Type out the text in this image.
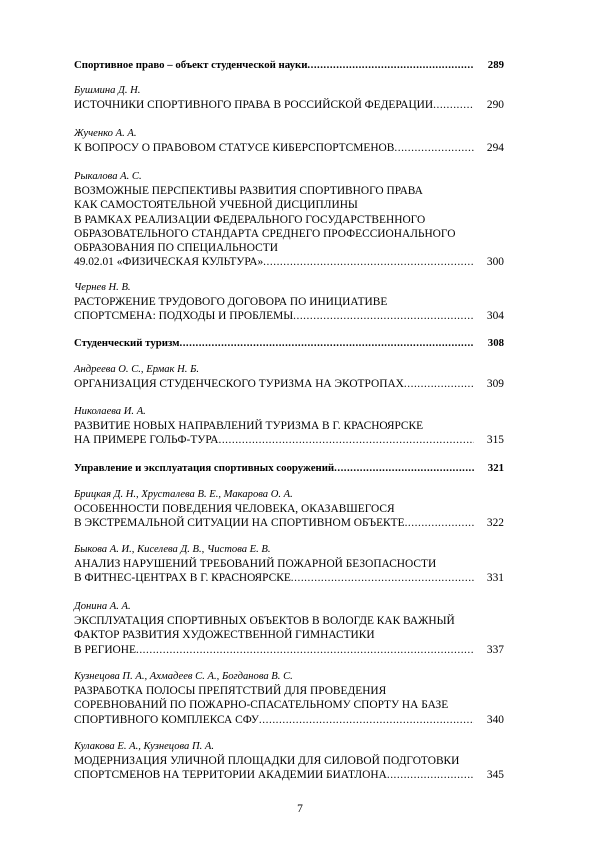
Спортивное право – объект студенческой науки .....	289
Бушмина Д. Н.
ИСТОЧНИКИ СПОРТИВНОГО ПРАВА В РОССИЙСКОЙ ФЕДЕРАЦИИ .....	290
Жученко А. А.
К ВОПРОСУ О ПРАВОВОМ СТАТУСЕ КИБЕРСПОРТСМЕНОВ .....	294
Рыкалова А. С.
ВОЗМОЖНЫЕ ПЕРСПЕКТИВЫ РАЗВИТИЯ СПОРТИВНОГО ПРАВА
КАК САМОСТОЯТЕЛЬНОЙ УЧЕБНОЙ ДИСЦИПЛИНЫ
В РАМКАХ РЕАЛИЗАЦИИ ФЕДЕРАЛЬНОГО ГОСУДАРСТВЕННОГО
ОБРАЗОВАТЕЛЬНОГО СТАНДАРТА СРЕДНЕГО ПРОФЕССИОНАЛЬНОГО
ОБРАЗОВАНИЯ ПО СПЕЦИАЛЬНОСТИ
49.02.01 «ФИЗИЧЕСКАЯ КУЛЬТУРА» .....	300
Чернев Н. В.
РАСТОРЖЕНИЕ ТРУДОВОГО ДОГОВОРА ПО ИНИЦИАТИВЕ
СПОРТСМЕНА: ПОДХОДЫ И ПРОБЛЕМЫ .....	304
Студенческий туризм .....	308
Андреева О. С., Ермак Н. Б.
ОРГАНИЗАЦИЯ СТУДЕНЧЕСКОГО ТУРИЗМА НА ЭКОТРОПАХ .....	309
Николаева И. А.
РАЗВИТИЕ НОВЫХ НАПРАВЛЕНИЙ ТУРИЗМА В Г. КРАСНОЯРСКЕ
НА ПРИМЕРЕ ГОЛЬФ-ТУРА .....	315
Управление и эксплуатация спортивных сооружений .....	321
Брицкая Д. Н., Хрусталева В. Е., Макарова О. А.
ОСОБЕННОСТИ ПОВЕДЕНИЯ ЧЕЛОВЕКА, ОКАЗАВШЕГОСЯ
В ЭКСТРЕМАЛЬНОЙ СИТУАЦИИ НА СПОРТИВНОМ ОБЪЕКТЕ .....	322
Быкова А. И., Киселева Д. В., Чистова Е. В.
АНАЛИЗ НАРУШЕНИЙ ТРЕБОВАНИЙ ПОЖАРНОЙ БЕЗОПАСНОСТИ
В ФИТНЕС-ЦЕНТРАХ В Г. КРАСНОЯРСКЕ .....	331
Донина А. А.
ЭКСПЛУАТАЦИЯ СПОРТИВНЫХ ОБЪЕКТОВ В ВОЛОГДЕ КАК ВАЖНЫЙ
ФАКТОР РАЗВИТИЯ ХУДОЖЕСТВЕННОЙ ГИМНАСТИКИ
В РЕГИОНЕ .....	337
Кузнецова П. А., Ахмадеев С. А., Богданова В. С.
РАЗРАБОТКА ПОЛОСЫ ПРЕПЯТСТВИЙ ДЛЯ ПРОВЕДЕНИЯ
СОРЕВНОВАНИЙ ПО ПОЖАРНО-СПАСАТЕЛЬНОМУ СПОРТУ НА БАЗЕ
СПОРТИВНОГО КОМПЛЕКСА СФУ .....	340
Кулакова Е. А., Кузнецова П. А.
МОДЕРНИЗАЦИЯ УЛИЧНОЙ ПЛОЩАДКИ ДЛЯ СИЛОВОЙ ПОДГОТОВКИ
СПОРТСМЕНОВ НА ТЕРРИТОРИИ АКАДЕМИИ БИАТЛОНА .....	345
7
